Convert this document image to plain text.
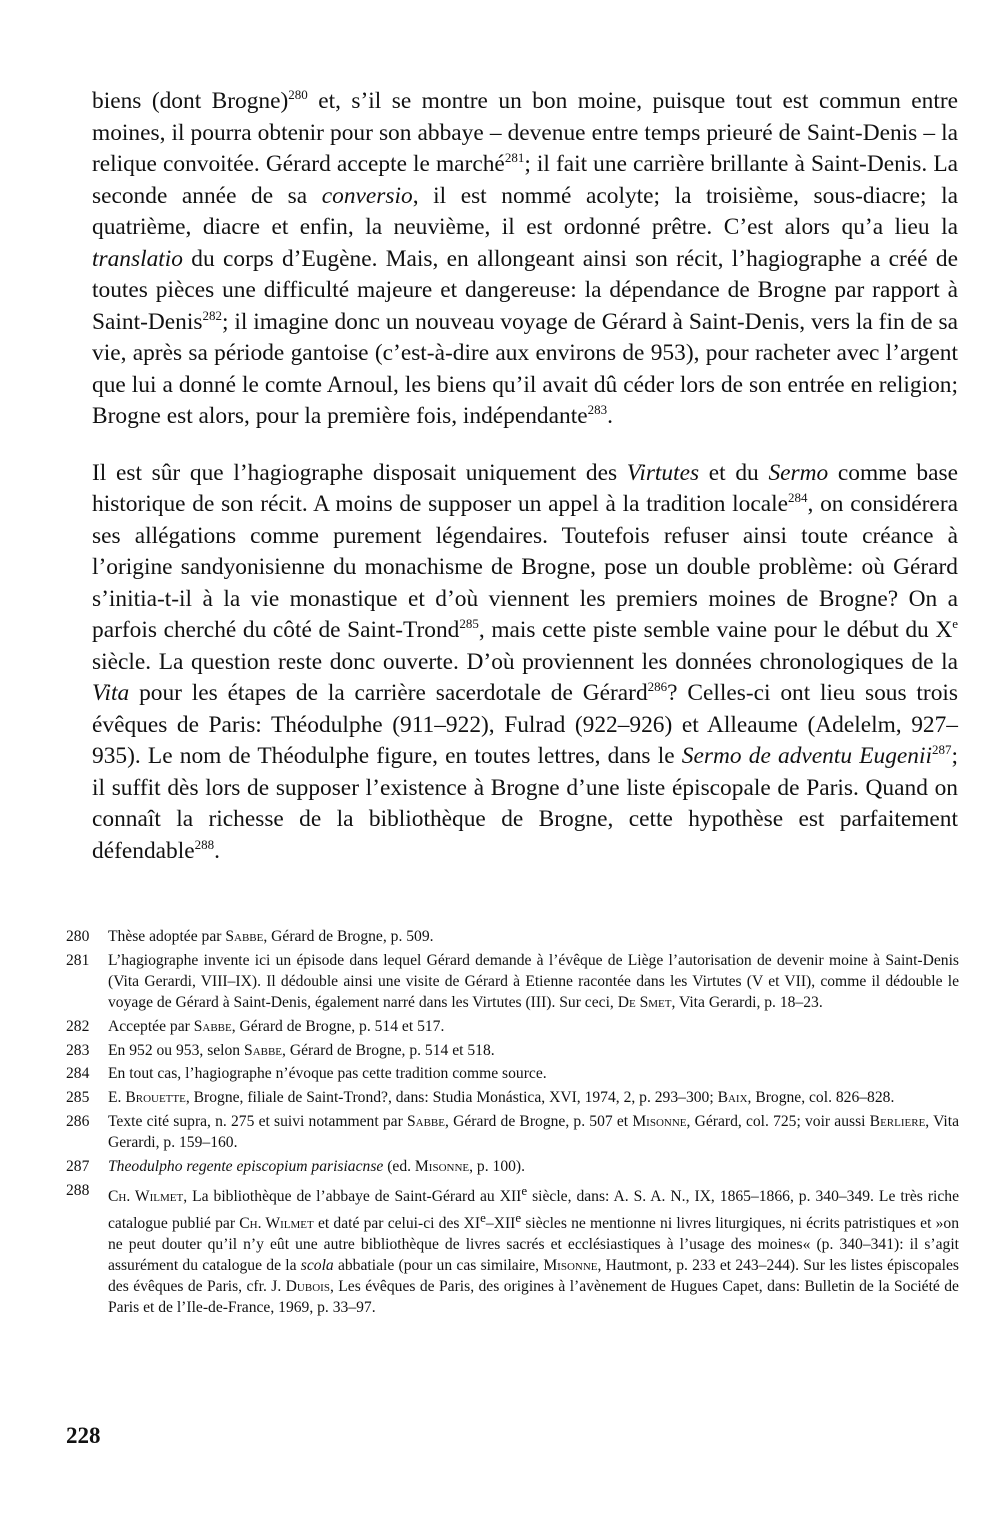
biens (dont Brogne)$^{280}$ et, s’il se montre un bon moine, puisque tout est commun entre moines, il pourra obtenir pour son abbaye – devenue entre temps prieuré de Saint-Denis – la relique convoitée. Gérard accepte le marché$^{281}$; il fait une carrière brillante à Saint-Denis. La seconde année de sa conversio, il est nommé acolyte; la troisième, sous-diacre; la quatrième, diacre et enfin, la neuvième, il est ordonné prêtre. C’est alors qu’a lieu la translatio du corps d’Eugène. Mais, en allongeant ainsi son récit, l’hagiographe a créé de toutes pièces une difficulté majeure et dangereuse: la dépendance de Brogne par rapport à Saint-Denis$^{282}$; il imagine donc un nouveau voyage de Gérard à Saint-Denis, vers la fin de sa vie, après sa période gantoise (c’est-à-dire aux environs de 953), pour racheter avec l’argent que lui a donné le comte Arnoul, les biens qu’il avait dû céder lors de son entrée en religion; Brogne est alors, pour la première fois, indépendante$^{283}$.

Il est sûr que l’hagiographe disposait uniquement des Virtutes et du Sermo comme base historique de son récit. A moins de supposer un appel à la tradition locale$^{284}$, on considérera ses allégations comme purement légendaires. Toutefois refuser ainsi toute créance à l’origine sandyonisienne du monachisme de Brogne, pose un double problème: où Gérard s’initia-t-il à la vie monastique et d’où viennent les premiers moines de Brogne? On a parfois cherché du côté de Saint-Trond$^{285}$, mais cette piste semble vaine pour le début du Xe siècle. La question reste donc ouverte. D’où proviennent les données chronologiques de la Vita pour les étapes de la carrière sacerdotale de Gérard$^{286}$? Celles-ci ont lieu sous trois évêques de Paris: Théodulphe (911–922), Fulrad (922–926) et Alleaume (Adelelm, 927–935). Le nom de Théodulphe figure, en toutes lettres, dans le Sermo de adventu Eugenii$^{287}$; il suffit dès lors de supposer l’existence à Brogne d’une liste épiscopale de Paris. Quand on connaît la richesse de la bibliothèque de Brogne, cette hypothèse est parfaitement défendable$^{288}$.

280	Thèse adoptée par Sabbe, Gérard de Brogne, p. 509.
281	L’hagiographe invente ici un épisode dans lequel Gérard demande à l’évêque de Liège l’autorisation de devenir moine à Saint-Denis (Vita Gerardi, VIII–IX). Il dédouble ainsi une visite de Gérard à Etienne racontée dans les Virtutes (V et VII), comme il dédouble le voyage de Gérard à Saint-Denis, également narré dans les Virtutes (III). Sur ceci, De Smet, Vita Gerardi, p. 18–23.
282	Acceptée par Sabbe, Gérard de Brogne, p. 514 et 517.
283	En 952 ou 953, selon Sabbe, Gérard de Brogne, p. 514 et 518.
284	En tout cas, l’hagiographe n’évoque pas cette tradition comme source.
285	E. Brouette, Brogne, filiale de Saint-Trond?, dans: Studia Monástica, XVI, 1974, 2, p. 293–300; Baix, Brogne, col. 826–828.
286	Texte cité supra, n. 275 et suivi notamment par Sabbe, Gérard de Brogne, p. 507 et Misonne, Gérard, col. 725; voir aussi Berliere, Vita Gerardi, p. 159–160.
287	Theodulpho regente episcopium parisiacnse (ed. Misonne, p. 100).
288	Ch. Wilmet, La bibliothèque de l’abbaye de Saint-Gérard au XIIe siècle, dans: A. S. A. N., IX, 1865–1866, p. 340–349. Le très riche catalogue publié par Ch. Wilmet et daté par celui-ci des XIe–XIIe siècles ne mentionne ni livres liturgiques, ni écrits patristiques et »on ne peut douter qu’il n’y eût une autre bibliothèque de livres sacrés et ecclésiastiques à l’usage des moines« (p. 340–341): il s’agit assurément du catalogue de la scola abbatiale (pour un cas similaire, Misonne, Hautmont, p. 233 et 243–244). Sur les listes épiscopales des évêques de Paris, cfr. J. Dubois, Les évêques de Paris, des origines à l’avènement de Hugues Capet, dans: Bulletin de la Société de Paris et de l’Ile-de-France, 1969, p. 33–97.
228
